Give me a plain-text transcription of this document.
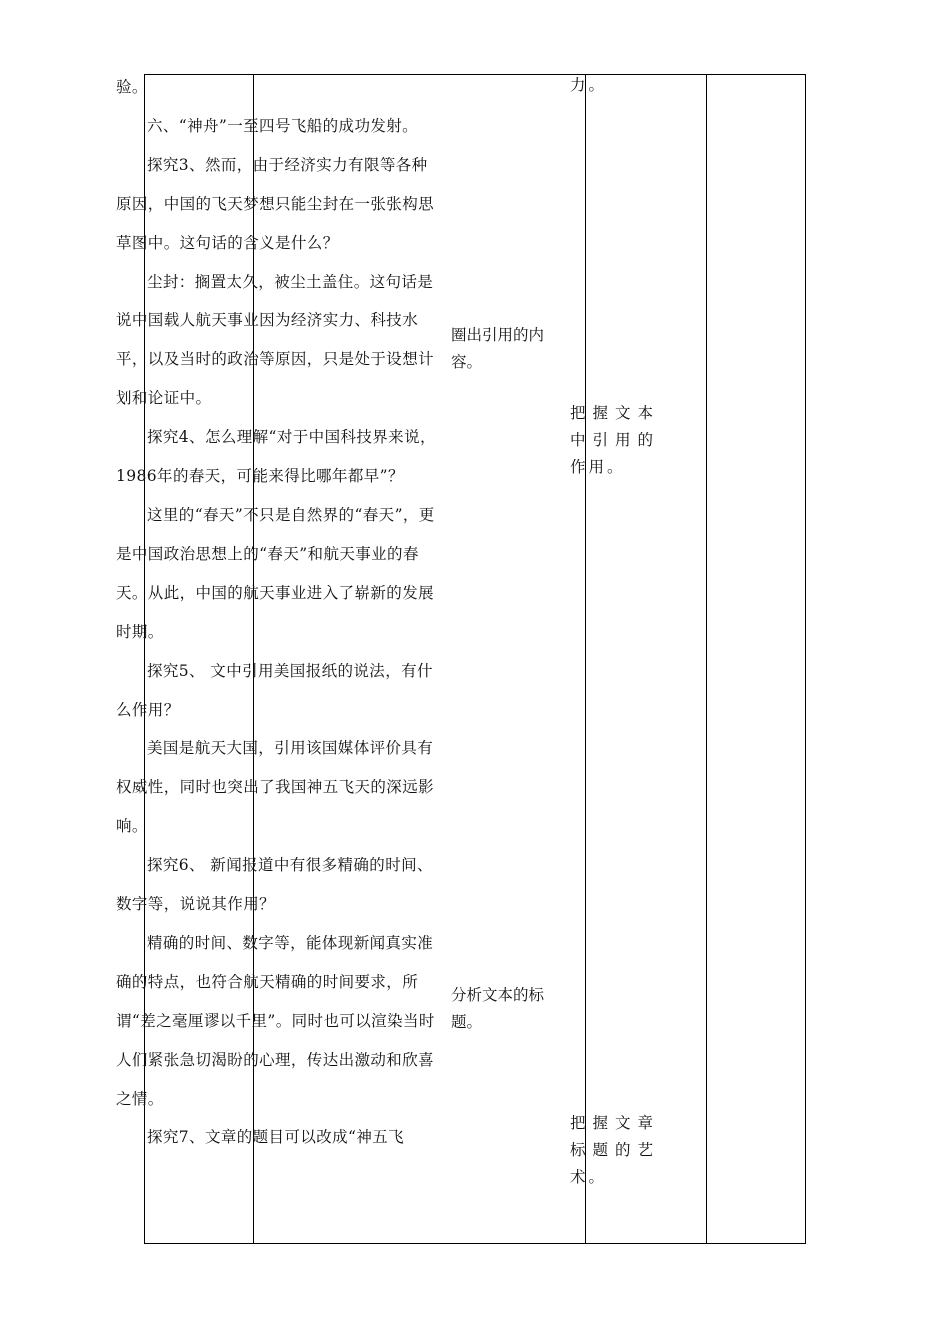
验。

六、“神舟”一至四号飞船的成功发射。

探究3、然而，由于经济实力有限等各种原因，中国的飞天梦想只能尘封在一张张构思草图中。这句话的含义是什么？

尘封：搁置太久，被尘土盖住。这句话是说中国载人航天事业因为经济实力、科技水平，以及当时的政治等原因，只是处于设想计划和论证中。

探究4、怎么理解“对于中国科技界来说，1986年的春天，可能来得比哪年都早”？

这里的“春天”不只是自然界的“春天”，更是中国政治思想上的“春天”和航天事业的春天。从此，中国的航天事业进入了崭新的发展时期。

探究5、 文中引用美国报纸的说法，有什么作用？

美国是航天大国，引用该国媒体评价具有权威性，同时也突出了我国神五飞天的深远影响。

探究6、 新闻报道中有很多精确的时间、数字等，说说其作用？

精确的时间、数字等，能体现新闻真实准确的特点，也符合航天精确的时间要求，所谓“差之毫厘谬以千里”。同时也可以渲染当时人们紧张急切渴盼的心理，传达出激动和欣喜之情。

探究7、文章的题目可以改成“神五飞

圈出引用的内容。

分析文本的标题。

力。

把握文本中引用的作用。

把握文章标题的艺术。
